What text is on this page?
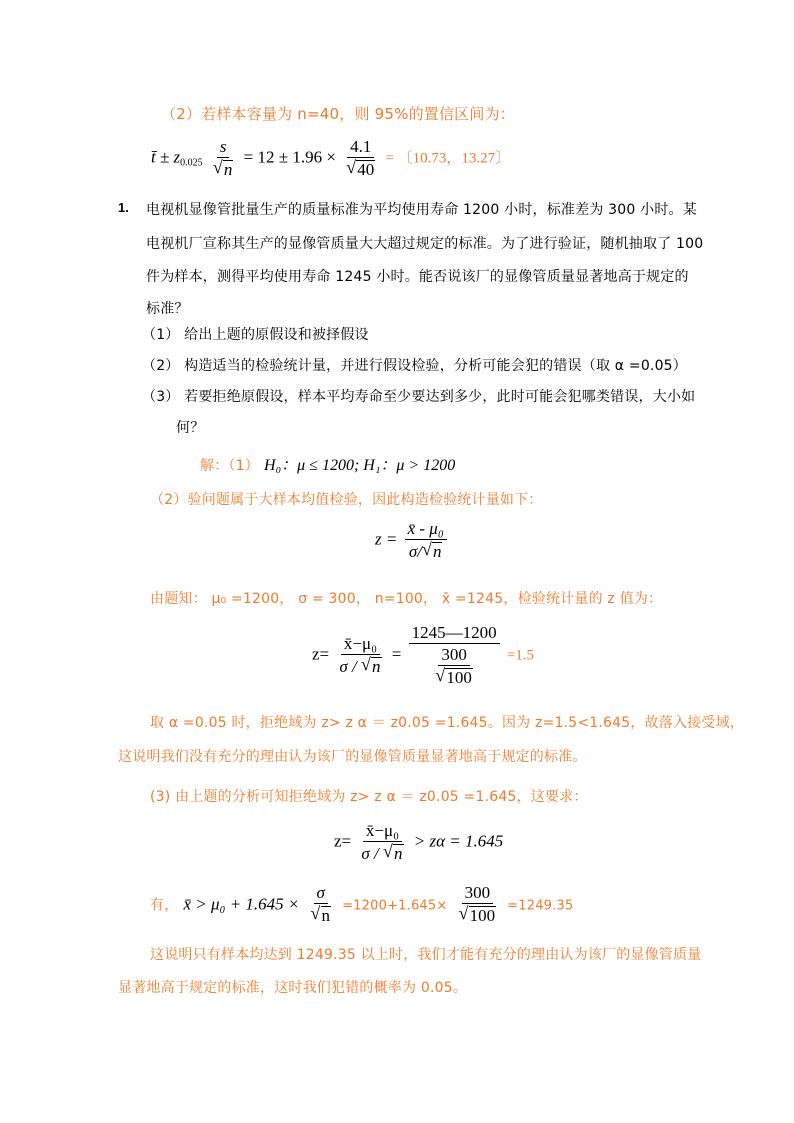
（2）若样本容量为 n=40，则 95%的置信区间为：
t̄ ± $z_{0.025}$ s
√ n = 12 ± 1.96 × 4.1
√ 40 = 〔10.73，13.27〕
1. 电视机显像管批量生产的质量标准为平均使用寿命 1200 小时，标准差为 300 小时。某
电视机厂宣称其生产的显像管质量大大超过规定的标准。为了进行验证，随机抽取了 100
件为样本，测得平均使用寿命 1245 小时。能否说该厂的显像管质量显著地高于规定的
标准？
（1） 给出上题的原假设和被择假设
（2） 构造适当的检验统计量，并进行假设检验，分析可能会犯的错误（取 α =0.05）
（3） 若要拒绝原假设，样本平均寿命至少要达到多少，此时可能会犯哪类错误，大小如
何？
解：（1） H₀：μ ≤ 1200; H₁：μ > 1200
（2）验问题属于大样本均值检验，因此构造检验统计量如下：
$z = \frac{\text{x̄ - μ₀}}{\sigma/ √ n}$
由题知： μ₀ =1200， σ = 300， n=100， x̄ =1245，检验统计量的 z 值为：
$z= \frac{\text{x̄−μ₀}}{\sigma / √ n}$ = 1245—1200
300
√ 100 =1.5
取 α =0.05 时，拒绝域为 z> z α ＝ z0.05 =1.645。因为 z=1.5<1.645，故落入接受域，
这说明我们没有充分的理由认为该厂的显像管质量显著地高于规定的标准。
(3) 由上题的分析可知拒绝域为 z> z α ＝ z0.05 =1.645，这要求：
$z= \frac{\text{x̄−μ₀}}{\sigma / √ n} > z\alpha = 1.645$
有， x̄ > μ₀ + 1.645 × σ
√ n =1200+1.645× 300
√ 100 =1249.35
这说明只有样本均达到 1249.35 以上时，我们才能有充分的理由认为该厂的显像管质量
显著地高于规定的标准，这时我们犯错的概率为 0.05。
